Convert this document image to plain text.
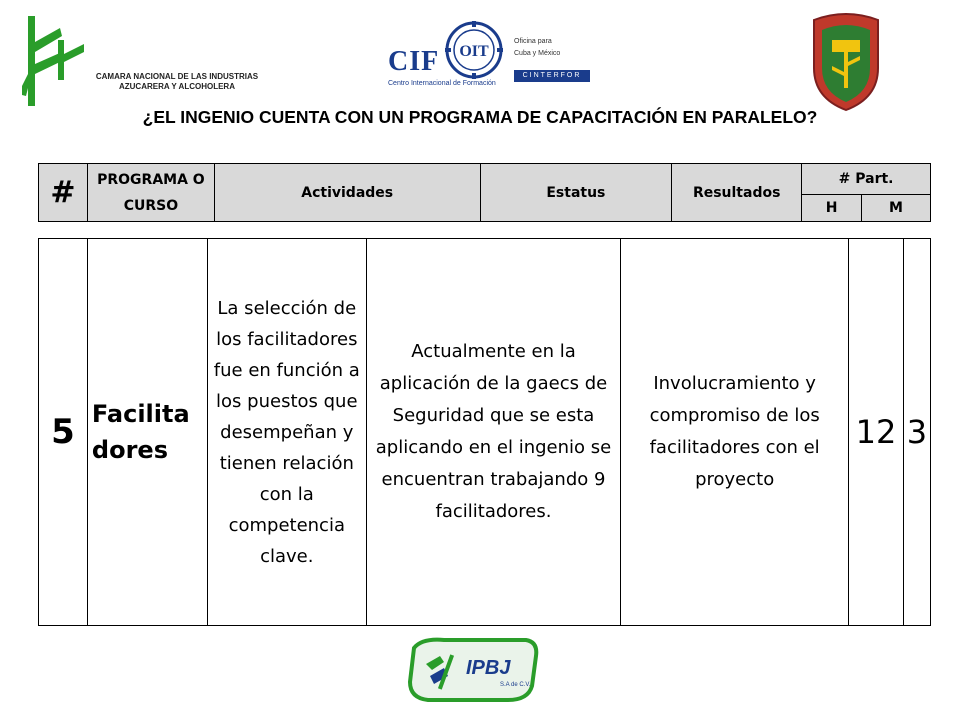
CAMARA NACIONAL DE LAS INDUSTRIAS
AZUCARERA Y ALCOHOLERA
CIF
Centro Internacional de Formación
OIT
Oficina para
Cuba y México
CINTERFOR
¿EL INGENIO CUENTA CON UN PROGRAMA DE CAPACITACIÓN EN PARALELO?
#	PROGRAMA O CURSO	Actividades	Estatus	Resultados	# Part.	
					H	M
5	Facilita dores	La selección de los facilitadores fue en función a los puestos que desempeñan y tienen relación con la competencia clave.	Actualmente en la aplicación de la gaecs de Seguridad que se esta aplicando en el ingenio se encuentran trabajando 9 facilitadores.	Involucramiento y compromiso de los facilitadores con el proyecto	12	3
IPBJ
S.A de C.V.
